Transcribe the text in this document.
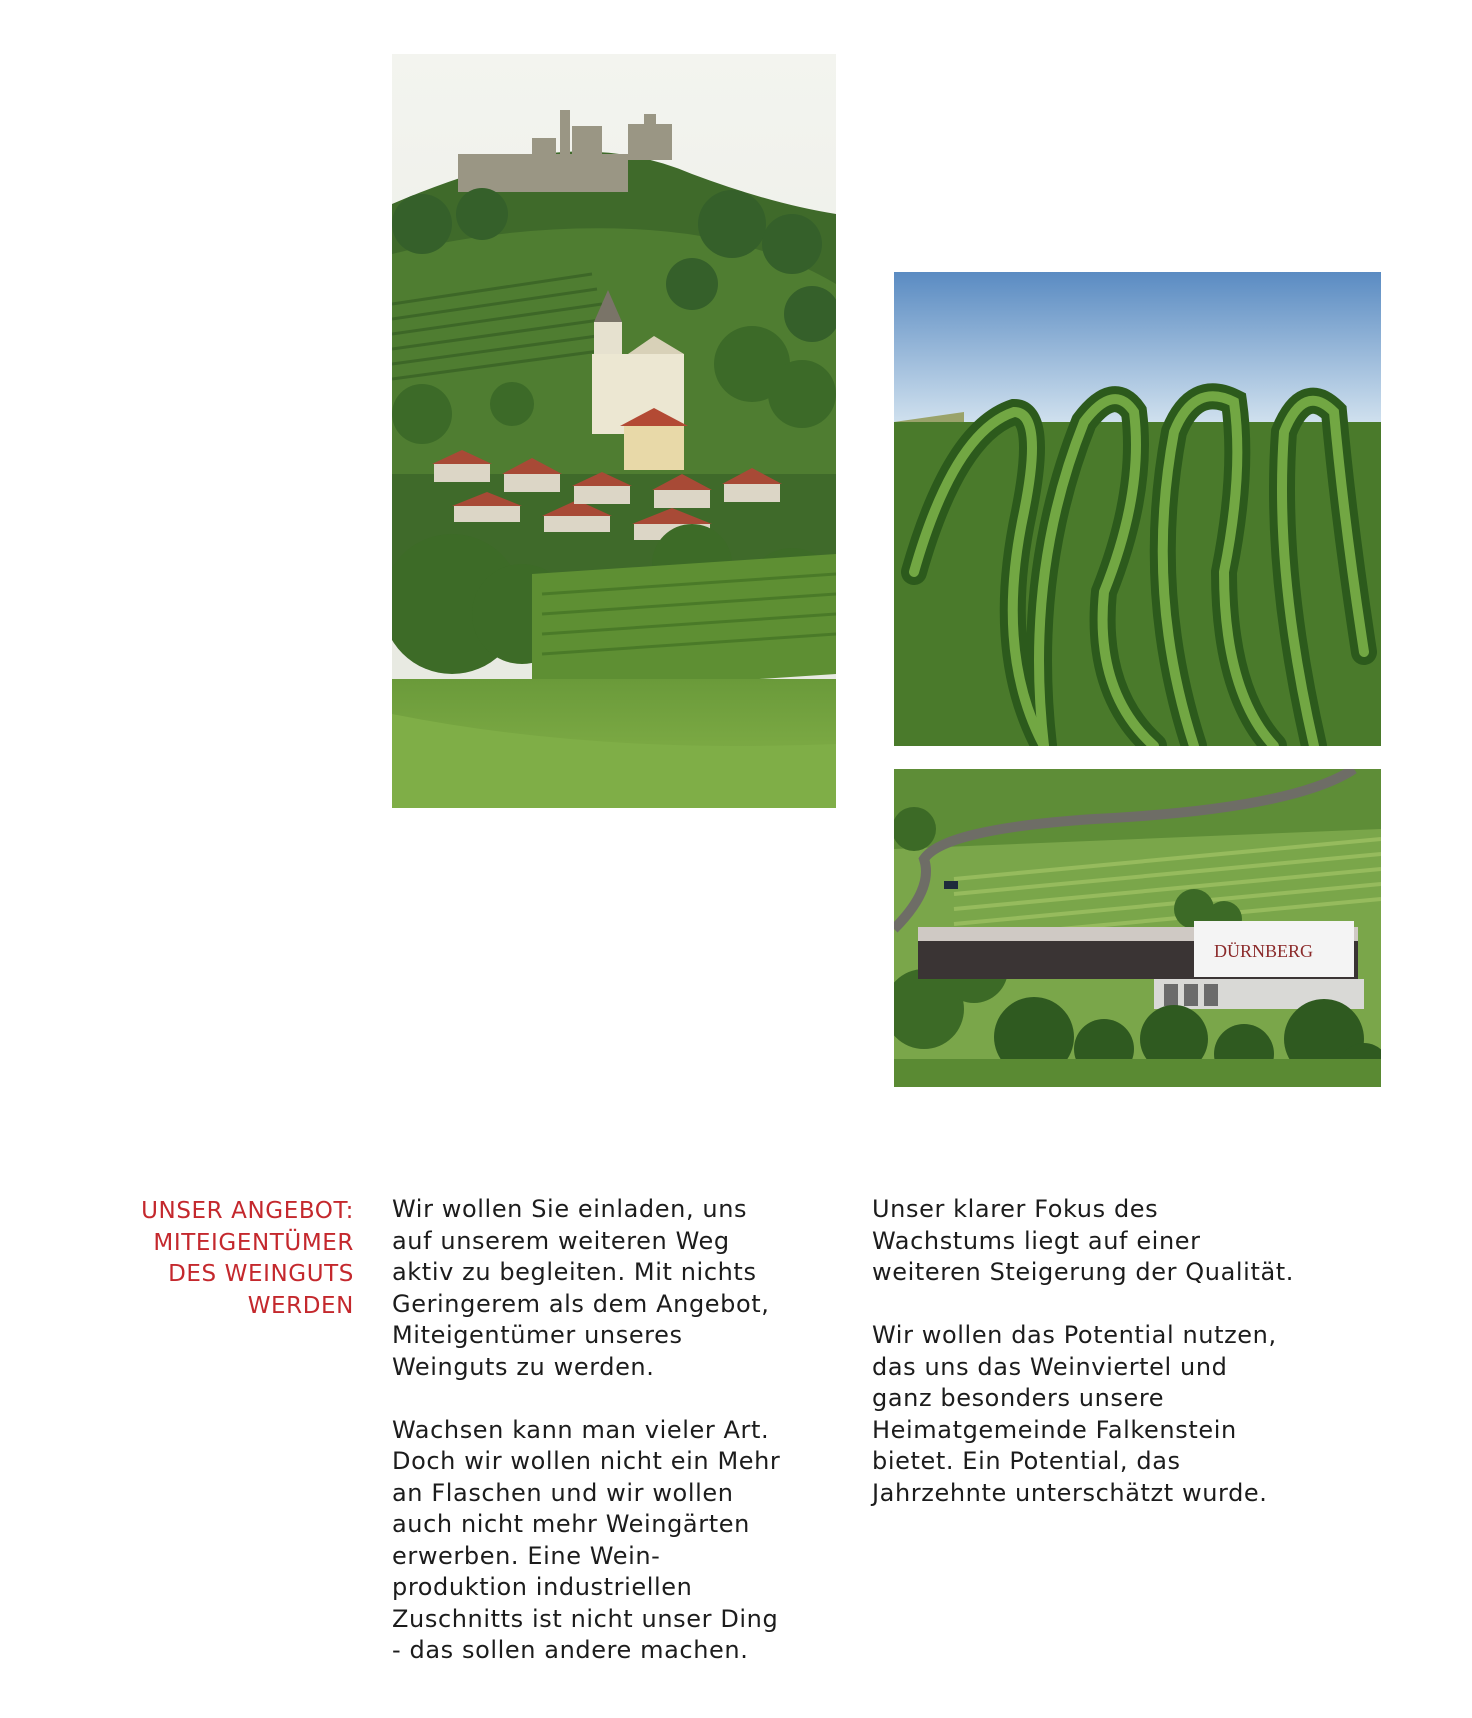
DÜRNBERG
UNSER ANGEBOT:
MITEIGENTÜMER
DES WEINGUTS
WERDEN

Wir wollen Sie einladen, uns
auf unserem weiteren Weg
aktiv zu begleiten. Mit nichts
Geringerem als dem Angebot,
Miteigentümer unseres
Weinguts zu werden.

Wachsen kann man vieler Art.
Doch wir wollen nicht ein Mehr
an Flaschen und wir wollen
auch nicht mehr Weingärten
erwerben. Eine Wein-
produktion industriellen
Zuschnitts ist nicht unser Ding
- das sollen andere machen.

Unser klarer Fokus des
Wachstums liegt auf einer
weiteren Steigerung der Qualität.

Wir wollen das Potential nutzen,
das uns das Weinviertel und
ganz besonders unsere
Heimatgemeinde Falkenstein
bietet. Ein Potential, das
Jahrzehnte unterschätzt wurde.
